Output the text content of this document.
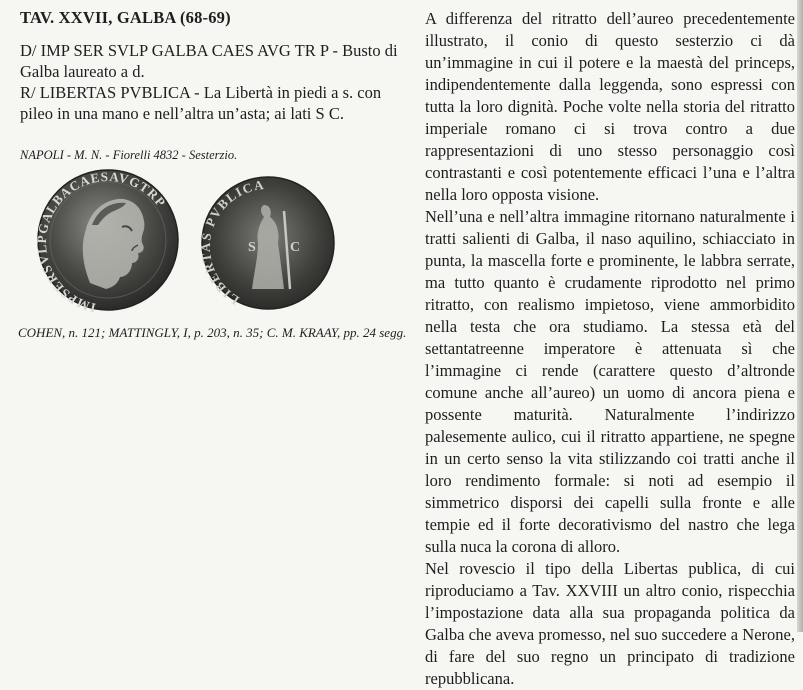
TAV. XXVII, GALBA (68-69)

D/ IMP SER SVLP GALBA CAES AVG TR P - Busto di Galba laureato a d.

R/ LIBERTAS PVBLICA - La Libertà in piedi a s. con pileo in una mano e nell’altra un’asta; ai lati S C.

NAPOLI - M. N. - Fiorelli 4832 - Sesterzio.
IMPSERSVLPGALBACAESAVGTRP
S C
LIBERTAS PVBLICA
COHEN, n. 121; MATTINGLY, I, p. 203, n. 35; C. M. KRAAY, pp. 24 segg.

A differenza del ritratto dell’aureo precedentemente illustrato, il conio di questo sesterzio ci dà un’immagine in cui il potere e la maestà del princeps, indipendentemente dalla leggenda, sono espressi con tutta la loro dignità. Poche volte nella storia del ritratto imperiale romano ci si trova contro a due rappresentazioni di uno stesso personaggio così contrastanti e così potentemente efficaci l’una e l’altra nella loro opposta visione.

Nell’una e nell’altra immagine ritornano naturalmente i tratti salienti di Galba, il naso aquilino, schiacciato in punta, la mascella forte e prominente, le labbra serrate, ma tutto quanto è crudamente riprodotto nel primo ritratto, con realismo impietoso, viene ammorbidito nella testa che ora studiamo. La stessa età del settantatreenne imperatore è attenuata sì che l’immagine ci rende (carattere questo d’altronde comune anche all’aureo) un uomo di ancora piena e possente maturità. Naturalmente l’indirizzo palesemente aulico, cui il ritratto appartiene, ne spegne in un certo senso la vita stilizzando coi tratti anche il loro rendimento formale: si noti ad esempio il simmetrico disporsi dei capelli sulla fronte e alle tempie ed il forte decorativismo del nastro che lega sulla nuca la corona di alloro.

Nel rovescio il tipo della Libertas publica, di cui riproduciamo a Tav. XXVIII un altro conio, rispecchia l’impostazione data alla sua propaganda politica da Galba che aveva promesso, nel suo succedere a Nerone, di fare del suo regno un principato di tradizione repubblicana.
